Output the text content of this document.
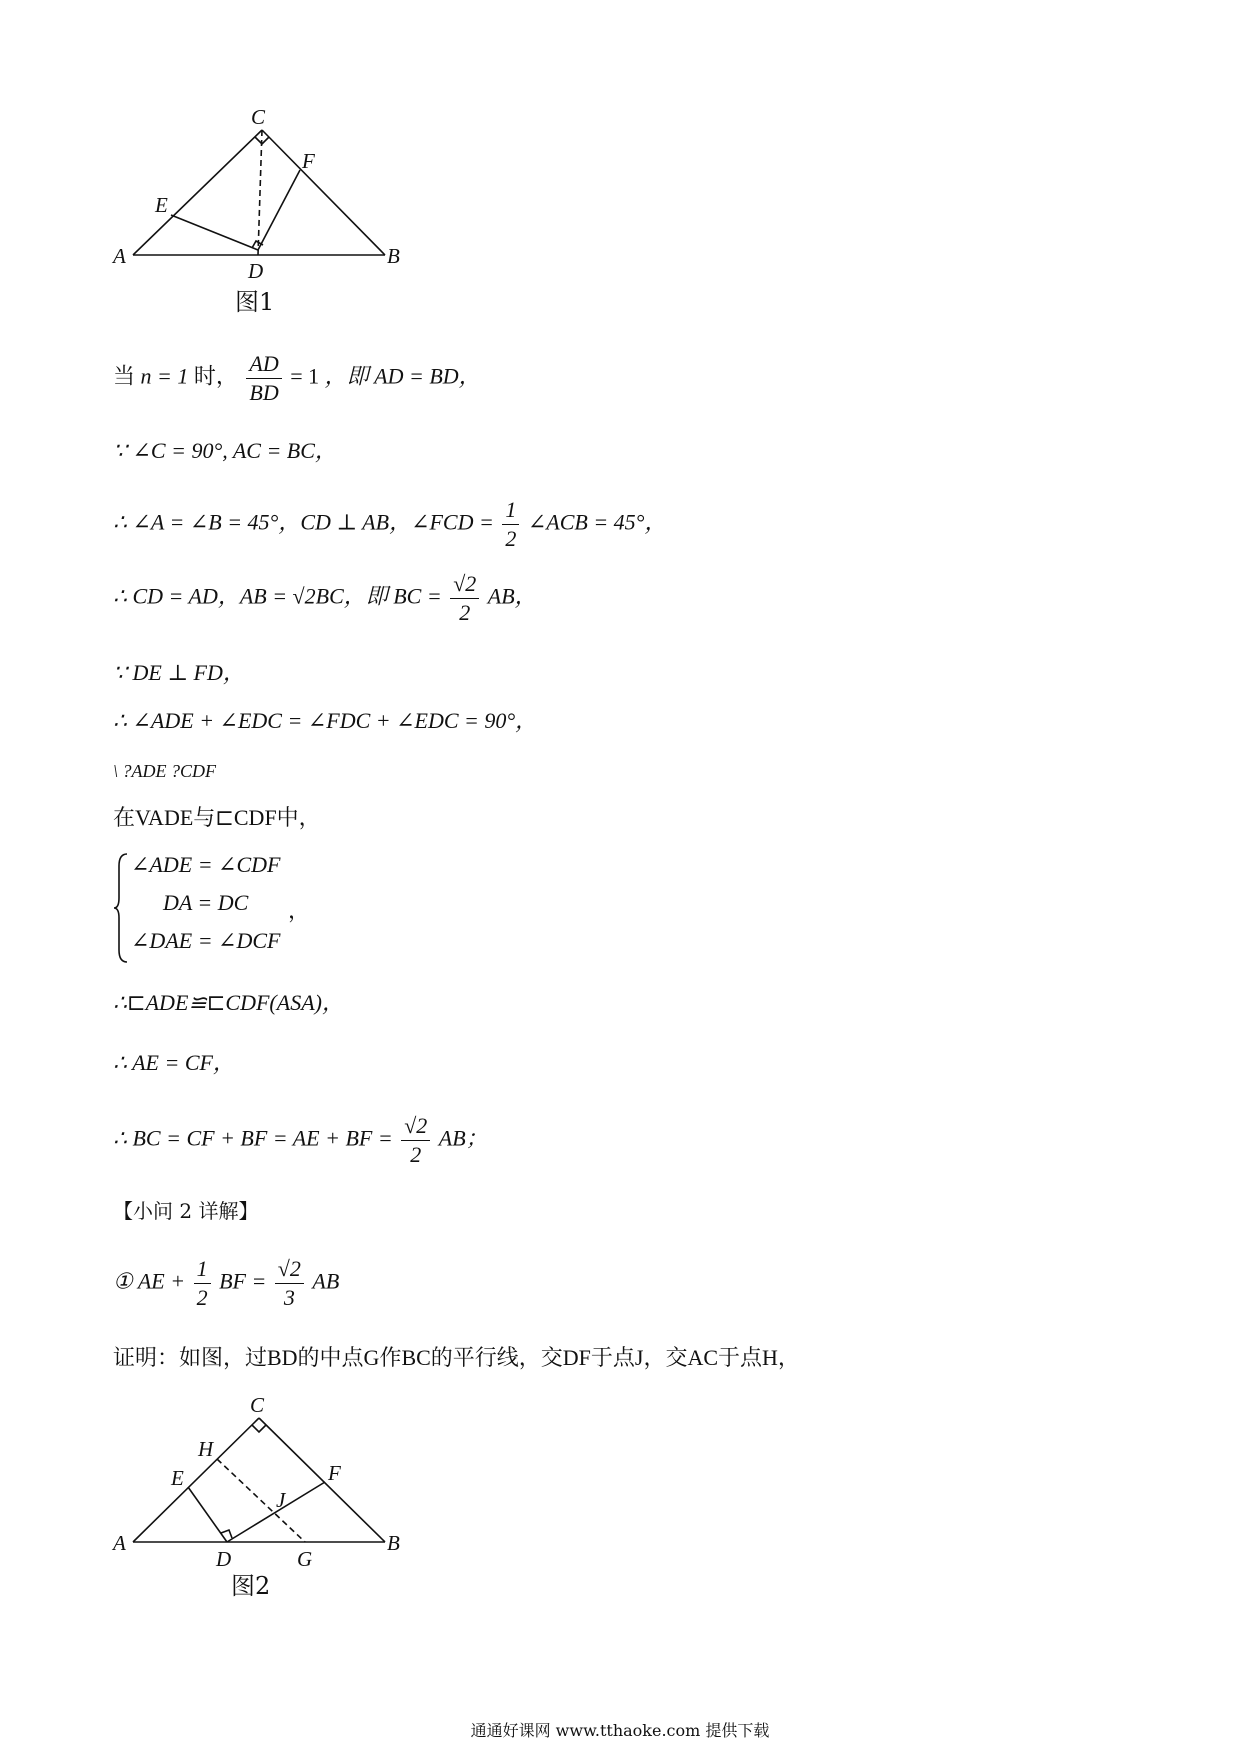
C
F
E
A
D
B
图1
当 n = 1 时， $\frac{AD}{BD} = 1$ ，即 AD = BD，
∵ ∠C = 90°, AC = BC，
∴ ∠A = ∠B = 45°，CD ⊥ AB，∠FCD = $\frac{1}{2}$ ∠ACB = 45°，
∴ CD = AD，AB = √2BC，即 BC = $\frac{√2}{2}$ AB，
∵ DE ⊥ FD，
∴ ∠ADE + ∠EDC = ∠FDC + ∠EDC = 90°，
\ ?ADE ?CDF
在VADE与⊏CDF中，
∠ADE = ∠CDF
DA = DC
∠DAE = ∠DCF
，
∴⊏ADE≌⊏CDF(ASA)，
∴ AE = CF，
∴ BC = CF + BF = AE + BF = $\frac{√2}{2}$ AB；
【小问 2 详解】
① AE + $\frac{1}{2}$ BF = $\frac{√2}{3}$ AB
证明：如图，过BD的中点G作BC的平行线，交DF于点J，交AC于点H，
C
H
F
E
J
A
D	G
B
图2
通通好课网 www.tthaoke.com 提供下载
